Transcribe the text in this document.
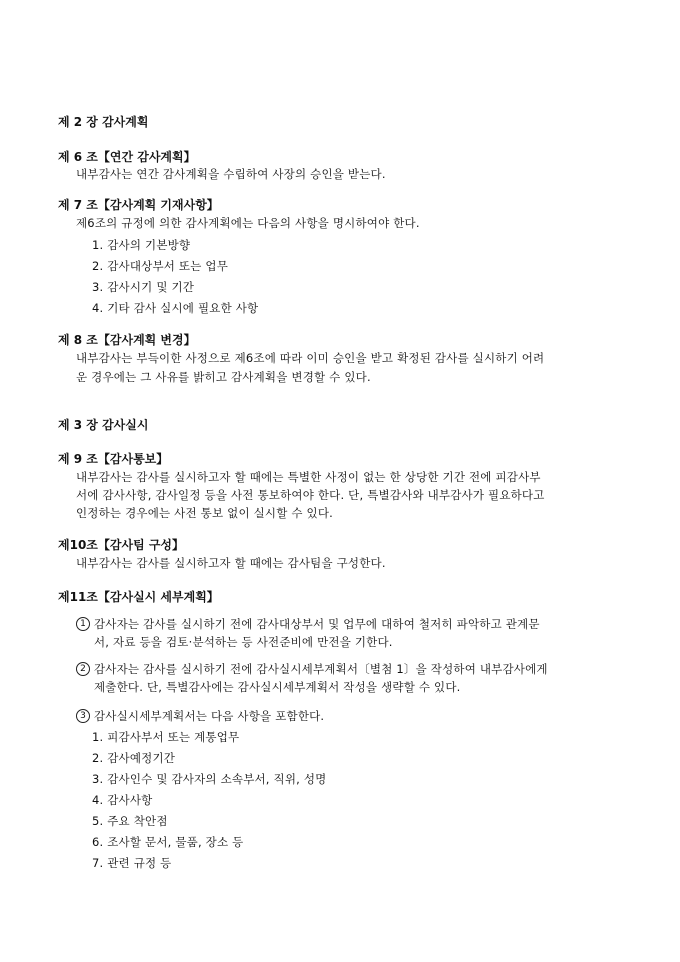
제 2 장 감사계획
제 6 조【연간 감사계획】
내부감사는 연간 감사계획을 수립하여 사장의 승인을 받는다.
제 7 조【감사계획 기재사항】
제6조의 규정에 의한 감사계획에는 다음의 사항을 명시하여야 한다.
1. 감사의 기본방향
2. 감사대상부서 또는 업무
3. 감사시기 및 기간
4. 기타 감사 실시에 필요한 사항
제 8 조【감사계획 변경】
내부감사는 부득이한 사정으로 제6조에 따라 이미 승인을 받고 확정된 감사를 실시하기 어려
운 경우에는 그 사유를 밝히고 감사계획을 변경할 수 있다.
제 3 장 감사실시
제 9 조【감사통보】
내부감사는 감사를 실시하고자 할 때에는 특별한 사정이 없는 한 상당한 기간 전에 피감사부
서에 감사사항, 감사일정 등을 사전 통보하여야 한다. 단, 특별감사와 내부감사가 필요하다고
인정하는 경우에는 사전 통보 없이 실시할 수 있다.
제10조【감사팀 구성】
내부감사는 감사를 실시하고자 할 때에는 감사팀을 구성한다.
제11조【감사실시 세부계획】
1 감사자는 감사를 실시하기 전에 감사대상부서 및 업무에 대하여 철저히 파악하고 관계문
서, 자료 등을 검토·분석하는 등 사전준비에 만전을 기한다.
2 감사자는 감사를 실시하기 전에 감사실시세부계획서〔별첨 1〕을 작성하여 내부감사에게
제출한다. 단, 특별감사에는 감사실시세부계획서 작성을 생략할 수 있다.
3 감사실시세부계획서는 다음 사항을 포함한다.
1. 피감사부서 또는 계통업무
2. 감사예정기간
3. 감사인수 및 감사자의 소속부서, 직위, 성명
4. 감사사항
5. 주요 착안점
6. 조사할 문서, 물품, 장소 등
7. 관련 규정 등
